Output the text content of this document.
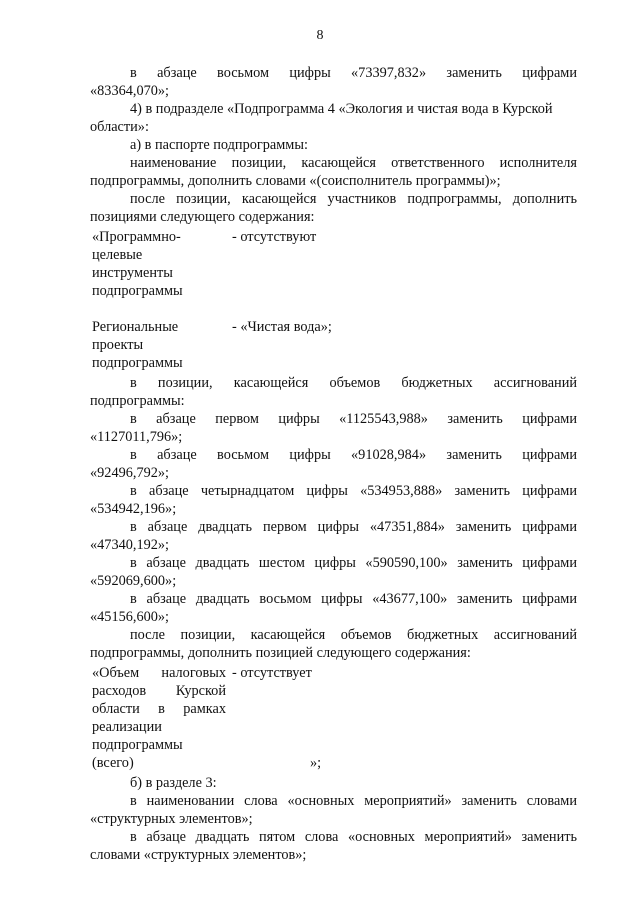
8
в абзаце восьмом цифры «73397,832» заменить цифрами
«83364,070»;
4) в подразделе «Подпрограмма 4 «Экология и чистая вода в Курской
области»:
а) в паспорте подпрограммы:
наименование позиции, касающейся ответственного исполнителя
подпрограммы, дополнить словами «(соисполнитель программы)»;
после позиции, касающейся участников подпрограммы, дополнить
позициями следующего содержания:
«Программно-
целевые
инструменты
подпрограммы
- отсутствуют
Региональные
проекты
подпрограммы
- «Чистая вода»;
в позиции, касающейся объемов бюджетных ассигнований
подпрограммы:
в абзаце первом цифры «1125543,988» заменить цифрами
«1127011,796»;
в абзаце восьмом цифры «91028,984» заменить цифрами
«92496,792»;
в абзаце четырнадцатом цифры «534953,888» заменить цифрами
«534942,196»;
в абзаце двадцать первом цифры «47351,884» заменить цифрами
«47340,192»;
в абзаце двадцать шестом цифры «590590,100» заменить цифрами
«592069,600»;
в абзаце двадцать восьмом цифры «43677,100» заменить цифрами
«45156,600»;
после позиции, касающейся объемов бюджетных ассигнований
подпрограммы, дополнить позицией следующего содержания:
«Объем налоговых
расходов Курской
области в рамках
реализации
подпрограммы
(всего)
- отсутствует
»;
б) в разделе 3:
в наименовании слова «основных мероприятий» заменить словами
«структурных элементов»;
в абзаце двадцать пятом слова «основных мероприятий» заменить
словами «структурных элементов»;
